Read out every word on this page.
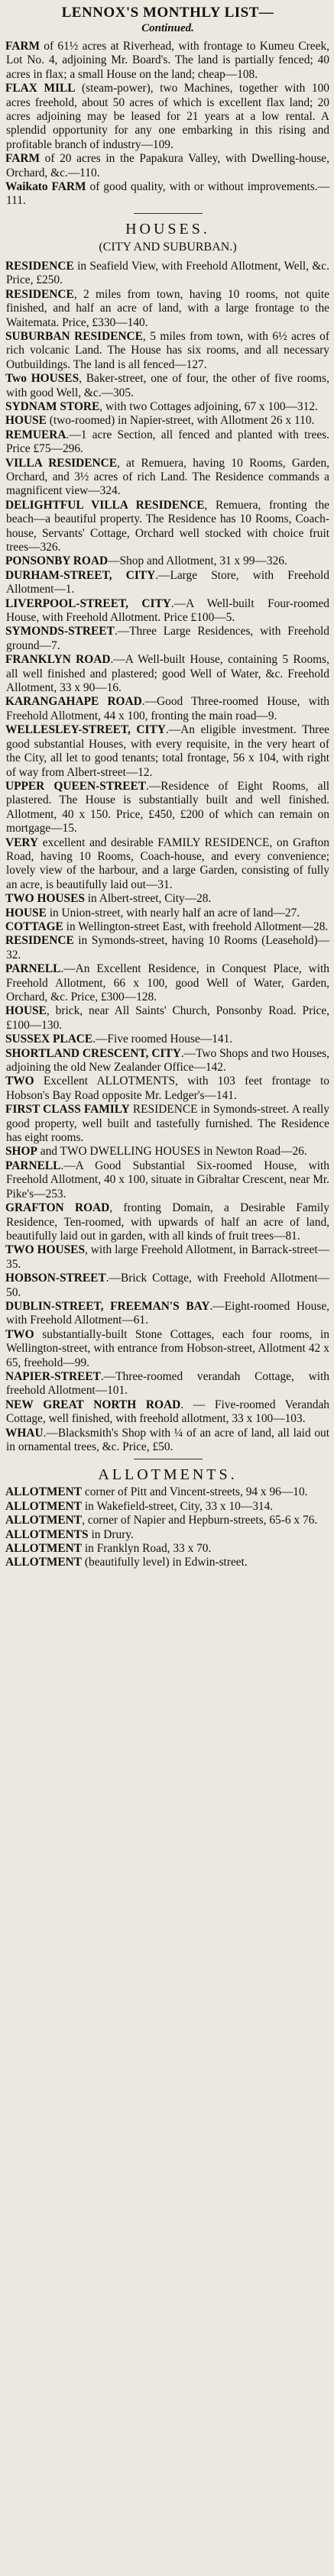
LENNOX'S MONTHLY LIST—
Continued.

FARM of 61½ acres at Riverhead, with frontage to Kumeu Creek, Lot No. 4, adjoining Mr. Board's. The land is partially fenced; 40 acres in flax; a small House on the land; cheap—108.

FLAX MILL (steam-power), two Machines, together with 100 acres freehold, about 50 acres of which is excellent flax land; 20 acres adjoining may be leased for 21 years at a low rental. A splendid opportunity for any one embarking in this rising and profitable branch of industry—109.

FARM of 20 acres in the Papakura Valley, with Dwelling-house, Orchard, &c.—110.

Waikato FARM of good quality, with or without improvements.—111.

HOUSES.
(CITY AND SUBURBAN.)

RESIDENCE in Seafield View, with Freehold Allotment, Well, &c. Price, £250.

RESIDENCE, 2 miles from town, having 10 rooms, not quite finished, and half an acre of land, with a large frontage to the Waitemata. Price, £330—140.

SUBURBAN RESIDENCE, 5 miles from town, with 6½ acres of rich volcanic Land. The House has six rooms, and all necessary Outbuildings. The land is all fenced—127.

Two HOUSES, Baker-street, one of four, the other of five rooms, with good Well, &c.—305.

SYDNAM STORE, with two Cottages adjoining, 67 x 100—312.

HOUSE (two-roomed) in Napier-street, with Allotment 26 x 110.

REMUERA.—1 acre Section, all fenced and planted with trees. Price £75—296.

VILLA RESIDENCE, at Remuera, having 10 Rooms, Garden, Orchard, and 3½ acres of rich Land. The Residence commands a magnificent view—324.

DELIGHTFUL VILLA RESIDENCE, Remuera, fronting the beach—a beautiful property. The Residence has 10 Rooms, Coach-house, Servants' Cottage, Orchard well stocked with choice fruit trees—326.

PONSONBY ROAD—Shop and Allotment, 31 x 99—326.

DURHAM-STREET, CITY.—Large Store, with Freehold Allotment—1.

LIVERPOOL-STREET, CITY.—A Well-built Four-roomed House, with Freehold Allotment. Price £100—5.

SYMONDS-STREET.—Three Large Residences, with Freehold ground—7.

FRANKLYN ROAD.—A Well-built House, containing 5 Rooms, all well finished and plastered; good Well of Water, &c. Freehold Allotment, 33 x 90—16.

KARANGAHAPE ROAD.—Good Three-roomed House, with Freehold Allotment, 44 x 100, fronting the main road—9.

WELLESLEY-STREET, CITY.—An eligible investment. Three good substantial Houses, with every requisite, in the very heart of the City, all let to good tenants; total frontage, 56 x 104, with right of way from Albert-street—12.

UPPER QUEEN-STREET.—Residence of Eight Rooms, all plastered. The House is substantially built and well finished. Allotment, 40 x 150. Price, £450, £200 of which can remain on mortgage—15.

VERY excellent and desirable FAMILY RESIDENCE, on Grafton Road, having 10 Rooms, Coach-house, and every convenience; lovely view of the harbour, and a large Garden, consisting of fully an acre, is beautifully laid out—31.

TWO HOUSES in Albert-street, City—28.

HOUSE in Union-street, with nearly half an acre of land—27.

COTTAGE in Wellington-street East, with freehold Allotment—28.

RESIDENCE in Symonds-street, having 10 Rooms (Leasehold)—32.

PARNELL.—An Excellent Residence, in Conquest Place, with Freehold Allotment, 66 x 100, good Well of Water, Garden, Orchard, &c. Price, £300—128.

HOUSE, brick, near All Saints' Church, Ponsonby Road. Price, £100—130.

SUSSEX PLACE.—Five roomed House—141.

SHORTLAND CRESCENT, CITY.—Two Shops and two Houses, adjoining the old New Zealander Office—142.

TWO Excellent ALLOTMENTS, with 103 feet frontage to Hobson's Bay Road opposite Mr. Ledger's—141.

FIRST CLASS FAMILY RESIDENCE in Symonds-street. A really good property, well built and tastefully furnished. The Residence has eight rooms.

SHOP and TWO DWELLING HOUSES in Newton Road—26.

PARNELL.—A Good Substantial Six-roomed House, with Freehold Allotment, 40 x 100, situate in Gibraltar Crescent, near Mr. Pike's—253.

GRAFTON ROAD, fronting Domain, a Desirable Family Residence, Ten-roomed, with upwards of half an acre of land, beautifully laid out in garden, with all kinds of fruit trees—81.

TWO HOUSES, with large Freehold Allotment, in Barrack-street—35.

HOBSON-STREET.—Brick Cottage, with Freehold Allotment—50.

DUBLIN-STREET, FREEMAN'S BAY.—Eight-roomed House, with Freehold Allotment—61.

TWO substantially-built Stone Cottages, each four rooms, in Wellington-street, with entrance from Hobson-street, Allotment 42 x 65, freehold—99.

NAPIER-STREET.—Three-roomed verandah Cottage, with freehold Allotment—101.

NEW GREAT NORTH ROAD. — Five-roomed Verandah Cottage, well finished, with freehold allotment, 33 x 100—103.

WHAU.—Blacksmith's Shop with ¼ of an acre of land, all laid out in ornamental trees, &c. Price, £50.

ALLOTMENTS.

ALLOTMENT corner of Pitt and Vincent-streets, 94 x 96—10.

ALLOTMENT in Wakefield-street, City, 33 x 10—314.

ALLOTMENT, corner of Napier and Hepburn-streets, 65-6 x 76.

ALLOTMENTS in Drury.

ALLOTMENT in Franklyn Road, 33 x 70.

ALLOTMENT (beautifully level) in Edwin-street.
